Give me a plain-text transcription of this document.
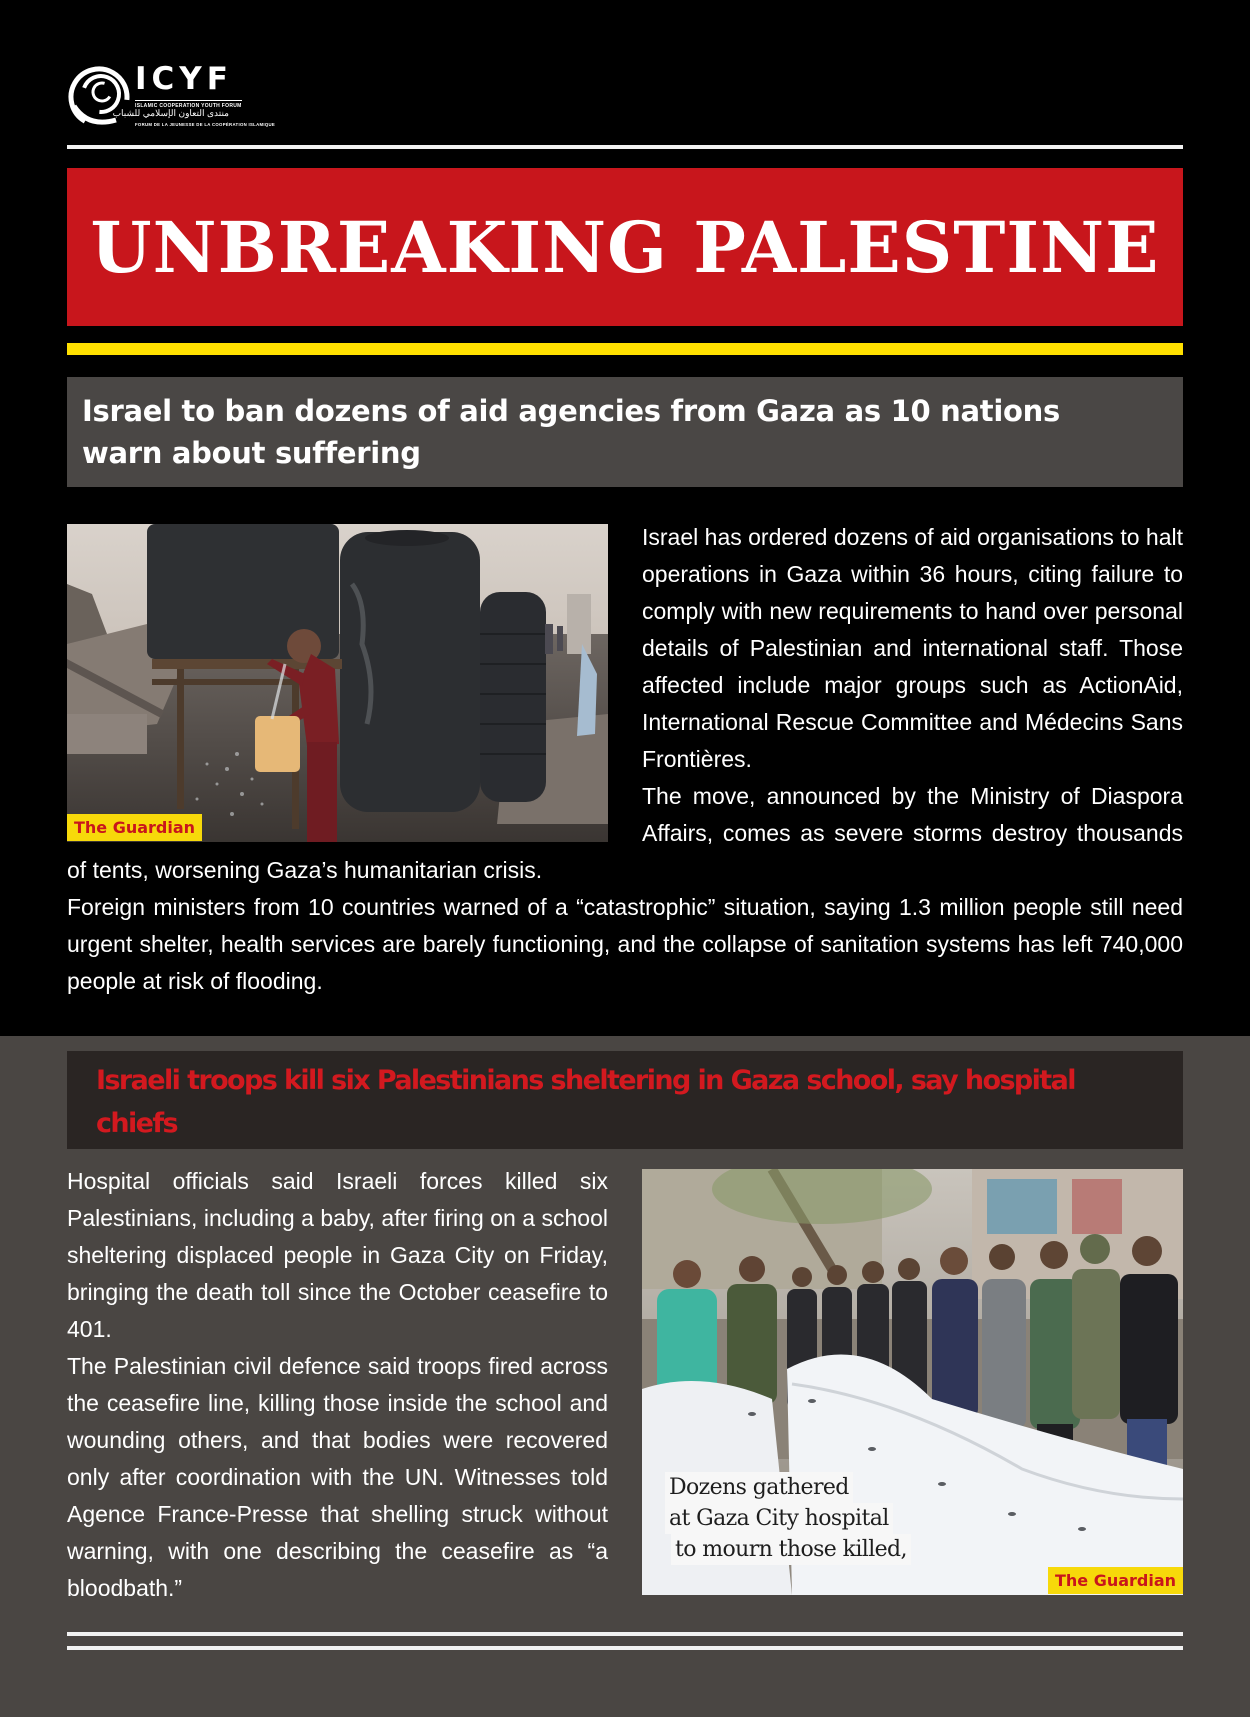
ICYF
ISLAMIC COOPERATION YOUTH FORUM
منتدى التعاون الإسلامي للشباب
FORUM DE LA JEUNESSE DE LA COOPÉRATION ISLAMIQUE
UNBREAKING PALESTINE
Israel to ban dozens of aid agencies from Gaza as 10 nations warn about suffering
The Guardian

Israel has ordered dozens of aid organisations to halt operations in Gaza within 36 hours, citing failure to comply with new requirements to hand over personal details of Palestinian and international staff. Those affected include major groups such as ActionAid, International Rescue Committee and Médecins Sans Frontières.

The move, announced by the Ministry of Diaspora Affairs, comes as severe storms destroy thousands of tents, worsening Gaza’s humanitarian crisis.

Foreign ministers from 10 countries warned of a “catastrophic” situation, saying 1.3 million people still need urgent shelter, health services are barely functioning, and the collapse of sanitation systems has left 740,000 people at risk of flooding.

Israeli troops kill six Palestinians sheltering in Gaza school, say hospital chiefs

Hospital officials said Israeli forces killed six Palestinians, including a baby, after firing on a school sheltering displaced people in Gaza City on Friday, bringing the death toll since the October ceasefire to 401.

The Palestinian civil defence said troops fired across the ceasefire line, killing those inside the school and wounding others, and that bodies were recovered only after coordination with the UN. Witnesses told Agence France-Presse that shelling struck without warning, with one describing the ceasefire as “a bloodbath.”

Dozens gathered
at Gaza City hospital
to mourn those killed,
The Guardian
